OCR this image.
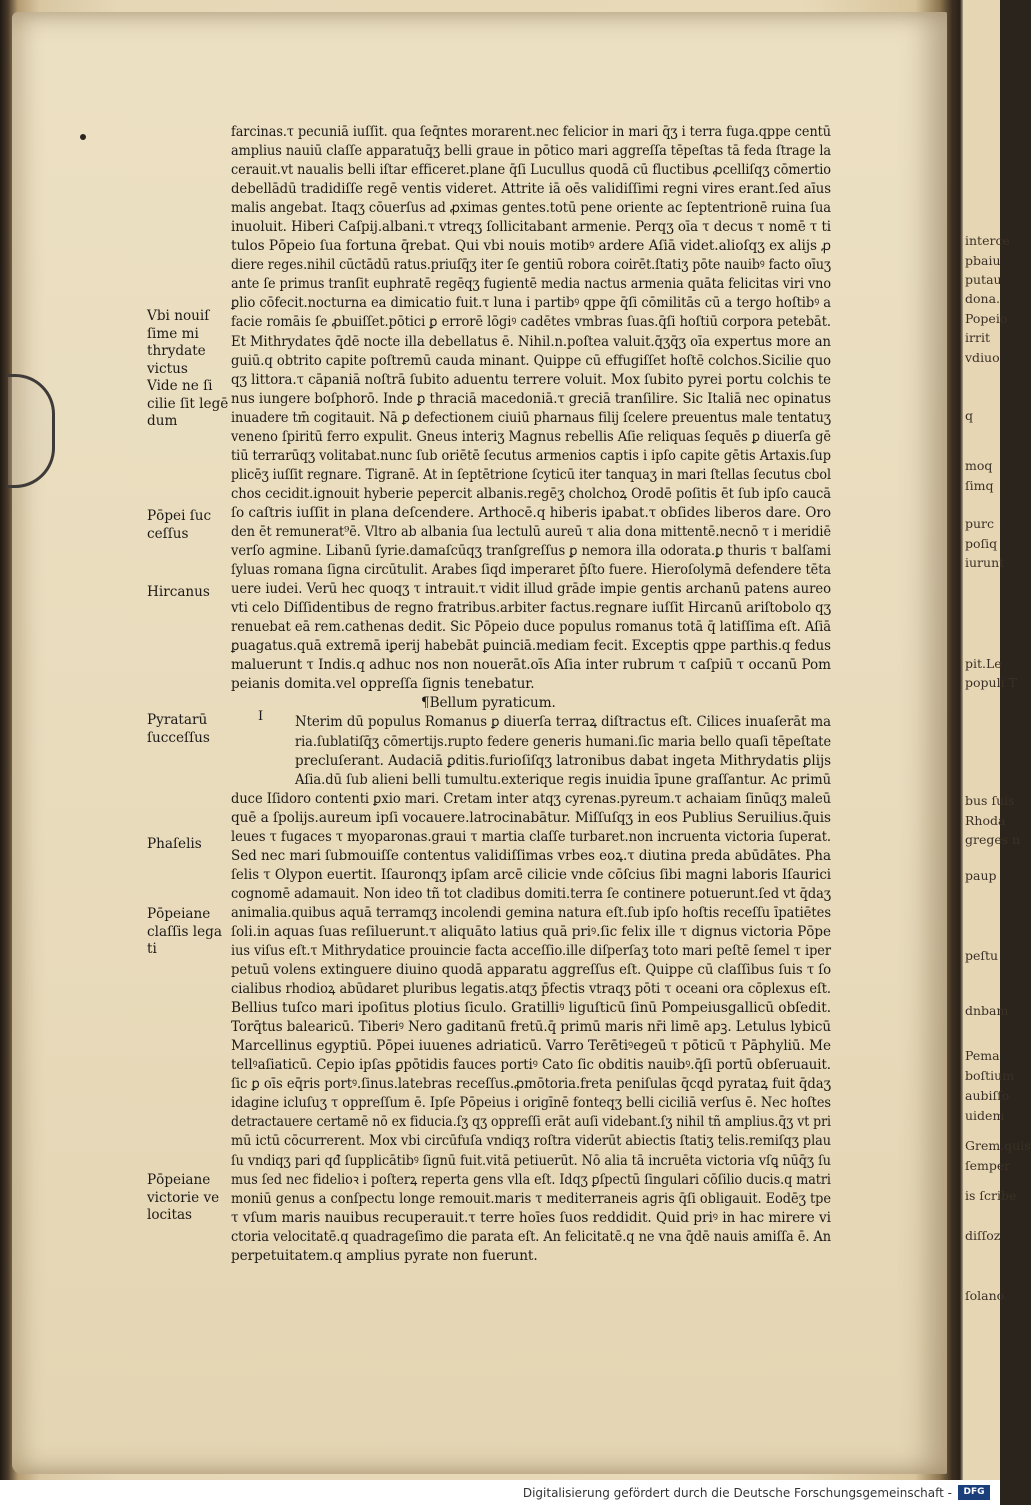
interce
pbaiu
putau
dona.
Popeio
irrit
vdiuo
q
moq
ſimq
purc
poſiq
iurunt
pit.Le
populi T
bus ſuis
Rhoda
greges n
paup
peſtu
dnbam
Pema
boſtium
aubiſſo
uidem
Grem.quis
ſemper
is ſcribe
diſſoz
ſolano
Vbi nouiſ
ſime mi
thrydate
victus
Vide ne ſi
cilie ſit legē
dum
Pōpei ſuc
ceſſus
Hircanus
Pyratarū
ſucceſſus
Phaſelis
Pōpeiane
claſſis lega
ti
Pōpeiane
victorie ve
locitas
I
farcinas.τ pecuniā iuſſit. qua ſeq̄ntes morarent.nec felicior in mari q̄ʒ i terra fuga.qppe centū
amplius nauiū claſſe apparatuq̄ʒ belli graue in pōtico mari aggreſſa tēpeſtas tā feda ſtrage la
cerauit.vt naualis belli iſtar efficeret.plane q̄ſi Lucullus quodā cū fluctibus ꝓcelliſqʒ cōmertio
debellādū tradidiſſe regē ventis videret. Attrite iā oēs validiſſimi regni vires erant.ſed aīus
malis angebat. Itaqʒ cōuerſus ad ꝓximas gentes.totū pene oriente ac ſeptentrionē ruina ſua
inuoluit. Hiberi Caſpij.albani.τ vtreqʒ ſollicitabant armenie. Perqʒ oīa τ decus τ nomē τ ti
tulos Pōpeio ſua fortuna q̄rebat. Qui vbi nouis motibꝰ ardere Aſiā videt.alioſqʒ ex alijs ꝓ
diere reges.nihil cūctādū ratus.priuſq̄ʒ iter ſe gentiū robora coirēt.ſtatiʒ pōte nauibꝰ facto oīuʒ
ante ſe primus tranſit euphratē regēqʒ fugientē media nactus armenia quāta felicitas viri vno
ꝑlio cōfecit.nocturna ea dimicatio fuit.τ luna i partibꝰ qppe q̄ſi cōmilitās cū a tergo hoſtibꝰ a
facie romāis ſe ꝓbuiſſet.pōtici ꝑ errorē lōgiꝰ cadētes vmbras ſuas.q̄ſi hoſtiū corpora petebāt.
Et Mithrydates q̄dē nocte illa debellatus ē. Nihil.n.poſtea valuit.q̄ʒq̄ʒ oīa expertus more an
guiū.q obtrito capite poſtremū cauda minant. Quippe cū effugiſſet hoſtē colchos.Sicilie quo
qʒ littora.τ cāpaniā noſtrā ſubito aduentu terrere voluit. Mox ſubito pyrei portu colchis te
nus iungere boſphorō. Inde ꝑ thraciā macedoniā.τ greciā tranſilire. Sic Italiā nec opinatus
inuadere tm̄ cogitauit. Nā ꝑ defectionem ciuiū pharnaus filij ſcelere preuentus male tentatuʒ
veneno ſpiritū ferro expulit. Gneus interiʒ Magnus rebellis Aſie reliquas ſequēs ꝑ diuerſa gē
tiū terrarūqʒ volitabat.nunc ſub oriētē ſecutus armenios captis i ipſo capite gētis Artaxis.ſup
plicēʒ iuſſit regnare. Tigranē. At in ſeptētrione ſcyticū iter tanquaʒ in mari ſtellas ſecutus cbol
chos cecidit.ignouit hyberie pepercit albanis.regēʒ cholchoꝝ Orodē poſitis ēt ſub ipſo caucā
ſo caſtris iuſſit in plana deſcendere. Arthocē.q hiberis iꝑabat.τ obſides liberos dare. Oro
den ēt remunerat⁹ē. Vltro ab albania ſua lectulū aureū τ alia dona mittentē.necnō τ i meridiē
verſo agmine. Libanū ſyrie.damaſcūqʒ tranſgreſſus ꝑ nemora illa odorata.ꝑ thuris τ balſami
ſyluas romana ſigna circūtulit. Arabes ſiqd imperaret p̄ſto fuere. Hieroſolymā defendere tēta
uere iudei. Verū hec quoqʒ τ intrauit.τ vidit illud grāde impie gentis archanū patens aureo
vti celo Diſſidentibus de regno fratribus.arbiter factus.regnare iuſſit Hircanū ariſtobolo qʒ
renuebat eā rem.cathenas dedit. Sic Pōpeio duce populus romanus totā q̄ latiſſima eſt. Aſiā
ꝑuagatus.quā extremā iꝑerij habebāt ꝑuinciā.mediam fecit. Exceptis qppe parthis.q fedus
maluerunt τ Indis.q adhuc nos non nouerāt.oīs Aſia inter rubrum τ caſpiū τ occanū Pom
peianis domita.vel oppreſſa ſignis tenebatur.
¶Bellum pyraticum.
Nterim dū populus Romanus ꝑ diuerſa terraꝝ diſtractus eſt. Cilices inuaſerāt ma
ria.ſublatiſq̄ʒ cōmertijs.rupto federe generis humani.ſic maria bello quaſi tēpeſtate
precluſerant. Audaciā ꝑditis.furioſiſqʒ latronibus dabat ingeta Mithrydatis ꝑlijs
Aſia.dū ſub alieni belli tumultu.exterique regis inuidia īpune graſſantur. Ac primū
duce Iſidoro contenti ꝑxio mari. Cretam inter atqʒ cyrenas.pyreum.τ achaiam ſinūqʒ maleū
quē a ſpolijs.aureum ipſi vocauere.latrocinabātur. Miſſuſqʒ in eos Publius Seruilius.q̄uis
leues τ fugaces τ myoparonas.graui τ martia claſſe turbaret.non incruenta victoria ſuperat.
Sed nec mari ſubmouiſſe contentus validiſſimas vrbes eoꝝ.τ diutina preda abūdātes. Pha
ſelis τ Olypon euertit. Iſauronqʒ ipſam arcē cilicie vnde cōſcius ſibi magni laboris Iſaurici
cognomē adamauit. Non ideo tñ tot cladibus domiti.terra ſe continere potuerunt.ſed vt q̄daʒ
animalia.quibus aquā terramqʒ incolendi gemina natura eſt.ſub ipſo hoſtis receſſu īpatiētes
ſoli.in aquas ſuas reſiluerunt.τ aliquāto latius quā priꝰ.ſic felix ille τ dignus victoria Pōpe
ius viſus eſt.τ Mithrydatice prouincie facta acceſſio.ille diſperſaʒ toto mari peſtē ſemel τ iper
petuū volens extinguere diuino quodā apparatu aggreſſus eſt. Quippe cū claſſibus ſuis τ ſo
cialibus rhodioꝝ abūdaret pluribus legatis.atqʒ p̄fectis vtraqʒ pōti τ oceani ora cōplexus eſt.
Bellius tuſco mari ipoſitus plotius ſiculo. Gratilliꝰ liguſticū ſinū Pompeiusgallicū obſedit.
Torq̄tus balearicū. Tiberiꝰ Nero gaditanū fretū.q̄ primū maris nr̄i limē apꝫ. Letulus lybicū
Marcellinus egyptiū. Pōpei iuuenes adriaticū. Varro Terētiꝰegeū τ pōticū τ Pāphyliū. Me
tellꝰaſiaticū. Cepio ipſas ꝑpōtidis fauces portiꝰ Cato ſic obditis nauibꝰ.q̄ſi portū obſeruauit.
ſic ꝑ oīs eq̄ris portꝰ.ſinus.latebras receſſus.ꝓmōtoria.freta peniſulas q̄cqd pyrataꝝ fuit q̄daʒ
idagine icluſuʒ τ oppreſſum ē. Ipſe Pōpeius i origīnē fonteqʒ belli ciciliā verſus ē. Nec hoſtes
detractauere certamē nō ex fiducia.ſʒ qʒ oppreſſi erāt auſi videbant.ſʒ nihil tñ amplius.q̄ʒ vt pri
mū ictū cōcurrerent. Mox vbi circūfuſa vndiqʒ roſtra viderūt abiectis ſtatiʒ telis.remiſqʒ plau
ſu vndiqʒ pari qđ ſupplicātibꝰ ſignū fuit.vitā petiuerūt. Nō alia tā incruēta victoria vſꝗ nūq̄ʒ ſu
mus ſed nec fidelioꝛ i poſterꝝ reperta gens vlla eſt. Idqʒ ꝑſpectū ſingulari cōſilio ducis.q matri
moniū genus a conſpectu longe remouit.maris τ mediterraneis agris q̄ſi obligauit. Eodēʒ tpe
τ vſum maris nauibus recuperauit.τ terre hoīes ſuos reddidit. Quid priꝰ in hac mirere vi
ctoria velocitatē.q quadrageſimo die parata eſt. An felicitatē.q ne vna q̄dē nauis amiſſa ē. An
perpetuitatem.q amplius pyrate non fuerunt.
Digitalisierung gefördert durch die Deutsche Forschungsgemeinschaft -	DFG
